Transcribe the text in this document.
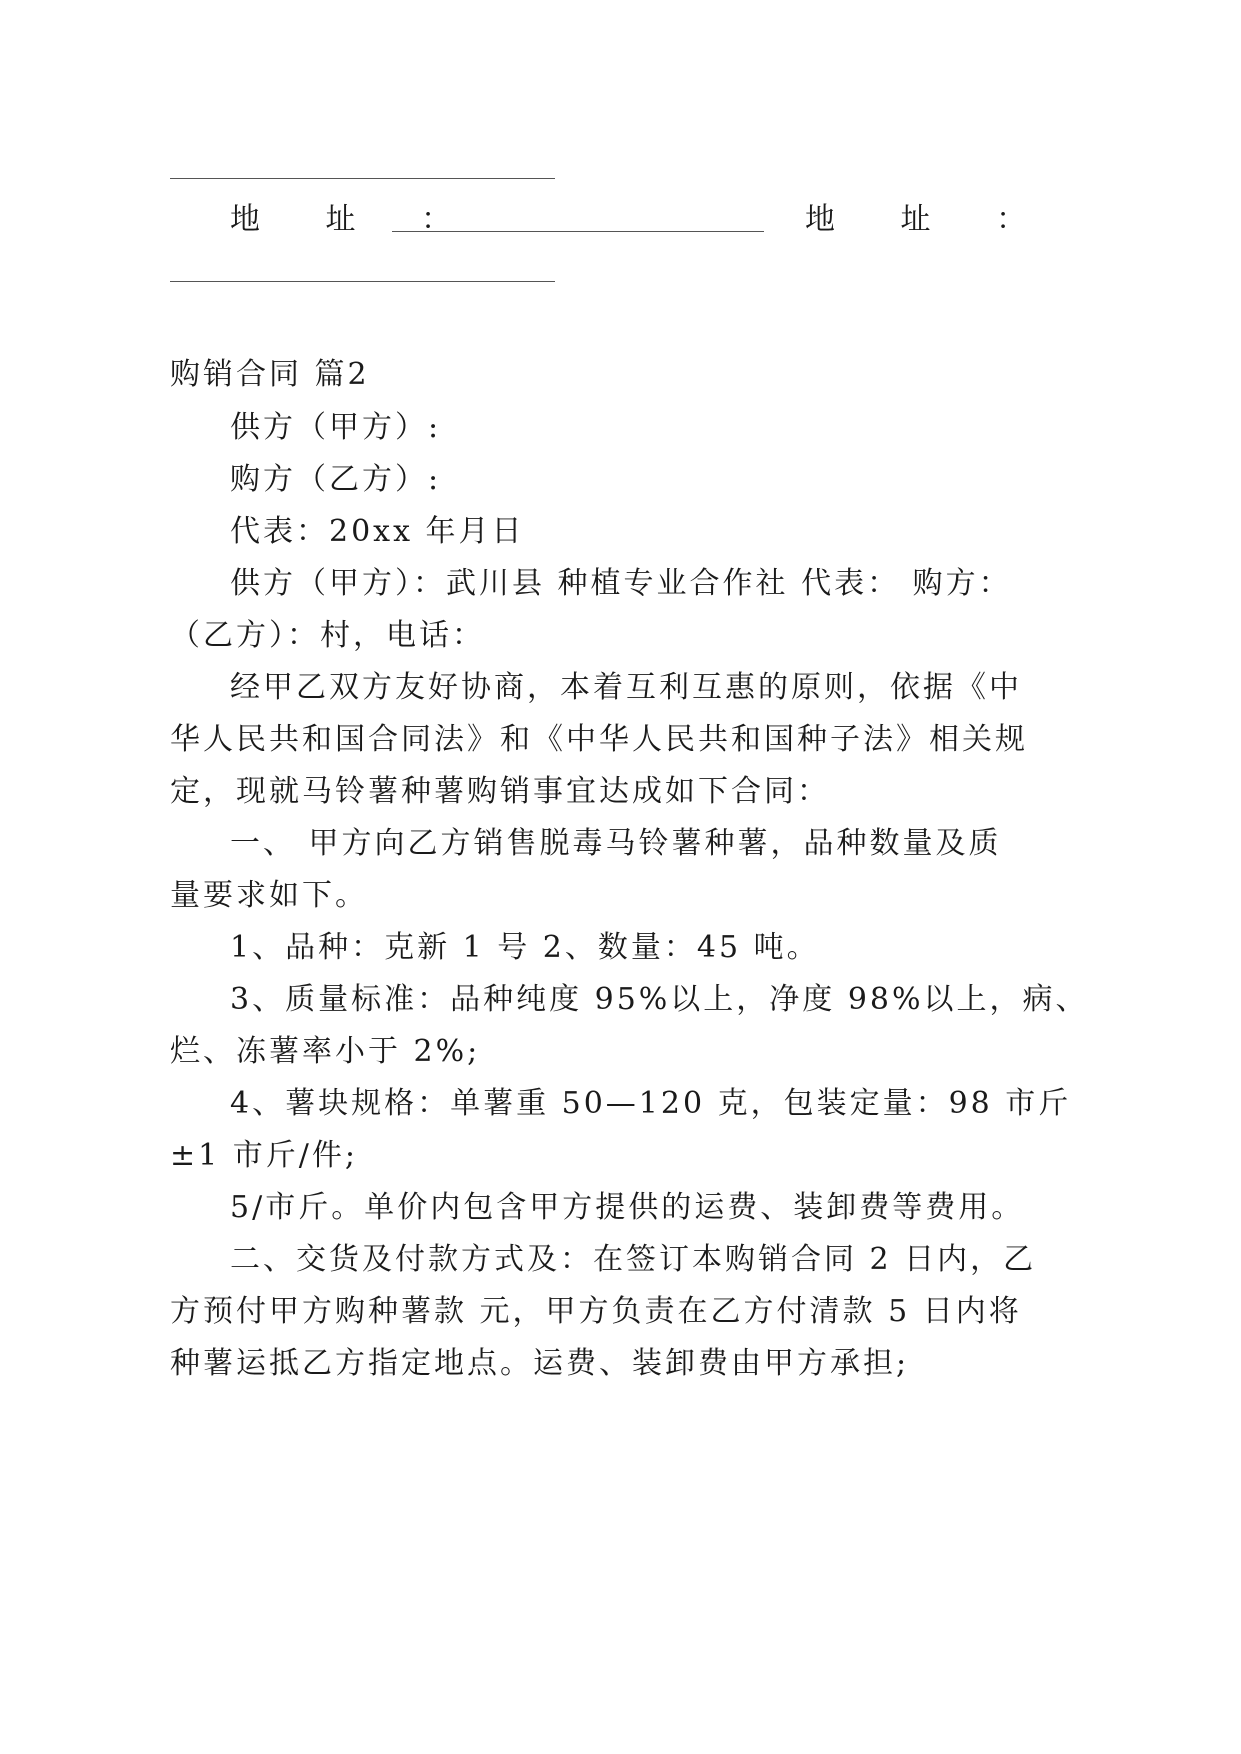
地 址 ：	地 址 ：
购销合同 篇2
供方（甲方）:
购方（乙方）:
代表：20xx 年月日
供方（甲方）：武川县 种植专业合作社 代表： 购方：
（乙方）：村，电话：
经甲乙双方友好协商，本着互利互惠的原则，依据《中
华人民共和国合同法》和《中华人民共和国种子法》相关规
定，现就马铃薯种薯购销事宜达成如下合同：
一、 甲方向乙方销售脱毒马铃薯种薯，品种数量及质
量要求如下。
1、品种：克新 1 号 2、数量：45 吨。
3、质量标准：品种纯度 95%以上，净度 98%以上，病、
烂、冻薯率小于 2%;
4、薯块规格：单薯重 50—120 克，包装定量：98 市斤
±1 市斤/件;
5/市斤。单价内包含甲方提供的运费、装卸费等费用。
二、交货及付款方式及：在签订本购销合同 2 日内，乙
方预付甲方购种薯款 元，甲方负责在乙方付清款 5 日内将
种薯运抵乙方指定地点。运费、装卸费由甲方承担;
